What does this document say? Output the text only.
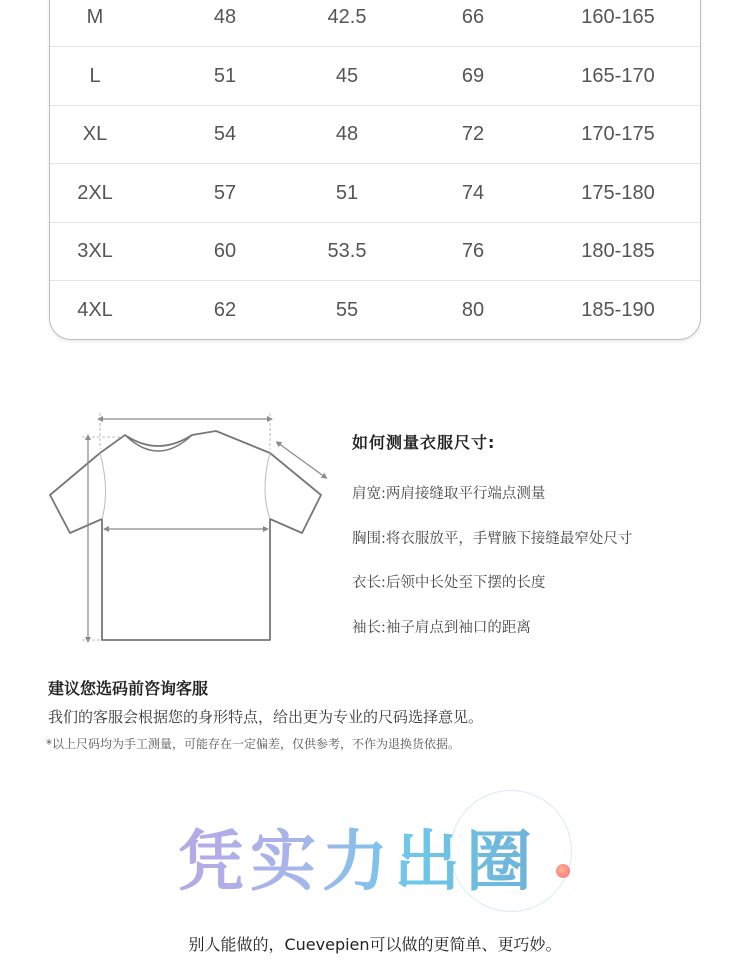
M	48	42.5	66	160-165
L	51	45	69	165-170
XL	54	48	72	170-175
2XL	57	51	74	175-180
3XL	60	53.5	76	180-185
4XL	62	55	80	185-190
如何测量衣服尺寸:
肩宽:两肩接缝取平行端点测量
胸围:将衣服放平，手臂腋下接缝最窄处尺寸
衣长:后领中长处至下摆的长度
袖长:袖子肩点到袖口的距离
建议您选码前咨询客服
我们的客服会根据您的身形特点，给出更为专业的尺码选择意见。
*以上尺码均为手工测量，可能存在一定偏差，仅供参考，不作为退换货依据。
凭实力出圈
别人能做的，Cuevepien可以做的更简单、更巧妙。
